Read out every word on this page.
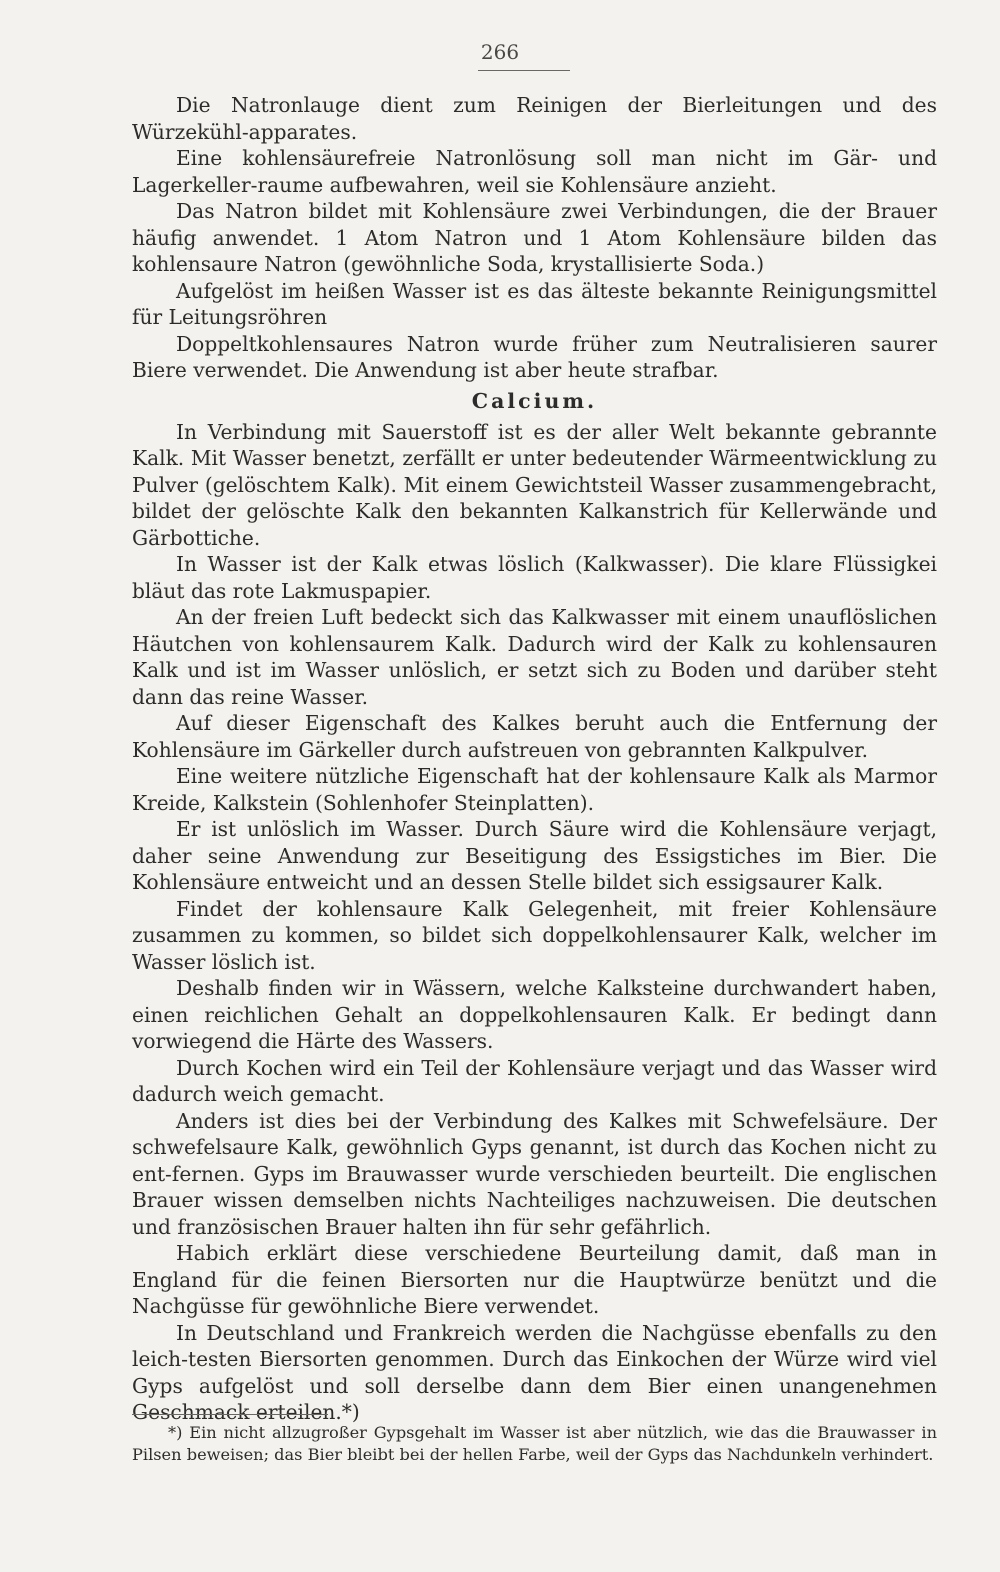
266

Die Natronlauge dient zum Reinigen der Bierleitungen und des Würzekühl-apparates.

Eine kohlensäurefreie Natronlösung soll man nicht im Gär- und Lagerkeller-raume aufbewahren, weil sie Kohlensäure anzieht.

Das Natron bildet mit Kohlensäure zwei Verbindungen, die der Brauer häufig anwendet. 1 Atom Natron und 1 Atom Kohlensäure bilden das kohlensaure Natron (gewöhnliche Soda, krystallisierte Soda.)

Aufgelöst im heißen Wasser ist es das älteste bekannte Reinigungsmittel für Leitungsröhren

Doppeltkohlensaures Natron wurde früher zum Neutralisieren saurer Biere verwendet. Die Anwendung ist aber heute strafbar.

Calcium.

In Verbindung mit Sauerstoff ist es der aller Welt bekannte gebrannte Kalk. Mit Wasser benetzt, zerfällt er unter bedeutender Wärmeentwicklung zu Pulver (gelöschtem Kalk). Mit einem Gewichtsteil Wasser zusammengebracht, bildet der gelöschte Kalk den bekannten Kalkanstrich für Kellerwände und Gärbottiche.

In Wasser ist der Kalk etwas löslich (Kalkwasser). Die klare Flüssigkei bläut das rote Lakmuspapier.

An der freien Luft bedeckt sich das Kalkwasser mit einem unauflöslichen Häutchen von kohlensaurem Kalk. Dadurch wird der Kalk zu kohlensauren Kalk und ist im Wasser unlöslich, er setzt sich zu Boden und darüber steht dann das reine Wasser.

Auf dieser Eigenschaft des Kalkes beruht auch die Entfernung der Kohlensäure im Gärkeller durch aufstreuen von gebrannten Kalkpulver.

Eine weitere nützliche Eigenschaft hat der kohlensaure Kalk als Marmor Kreide, Kalkstein (Sohlenhofer Steinplatten).

Er ist unlöslich im Wasser. Durch Säure wird die Kohlensäure verjagt, daher seine Anwendung zur Beseitigung des Essigstiches im Bier. Die Kohlensäure entweicht und an dessen Stelle bildet sich essigsaurer Kalk.

Findet der kohlensaure Kalk Gelegenheit, mit freier Kohlensäure zusammen zu kommen, so bildet sich doppelkohlensaurer Kalk, welcher im Wasser löslich ist.

Deshalb finden wir in Wässern, welche Kalksteine durchwandert haben, einen reichlichen Gehalt an doppelkohlensauren Kalk. Er bedingt dann vorwiegend die Härte des Wassers.

Durch Kochen wird ein Teil der Kohlensäure verjagt und das Wasser wird dadurch weich gemacht.

Anders ist dies bei der Verbindung des Kalkes mit Schwefelsäure. Der schwefelsaure Kalk, gewöhnlich Gyps genannt, ist durch das Kochen nicht zu ent-fernen. Gyps im Brauwasser wurde verschieden beurteilt. Die englischen Brauer wissen demselben nichts Nachteiliges nachzuweisen. Die deutschen und französischen Brauer halten ihn für sehr gefährlich.

Habich erklärt diese verschiedene Beurteilung damit, daß man in England für die feinen Biersorten nur die Hauptwürze benützt und die Nachgüsse für gewöhnliche Biere verwendet.

In Deutschland und Frankreich werden die Nachgüsse ebenfalls zu den leich-testen Biersorten genommen. Durch das Einkochen der Würze wird viel Gyps aufgelöst und soll derselbe dann dem Bier einen unangenehmen Geschmack erteilen.*)

*) Ein nicht allzugroßer Gypsgehalt im Wasser ist aber nützlich, wie das die Brauwasser in Pilsen beweisen; das Bier bleibt bei der hellen Farbe, weil der Gyps das Nachdunkeln verhindert.
